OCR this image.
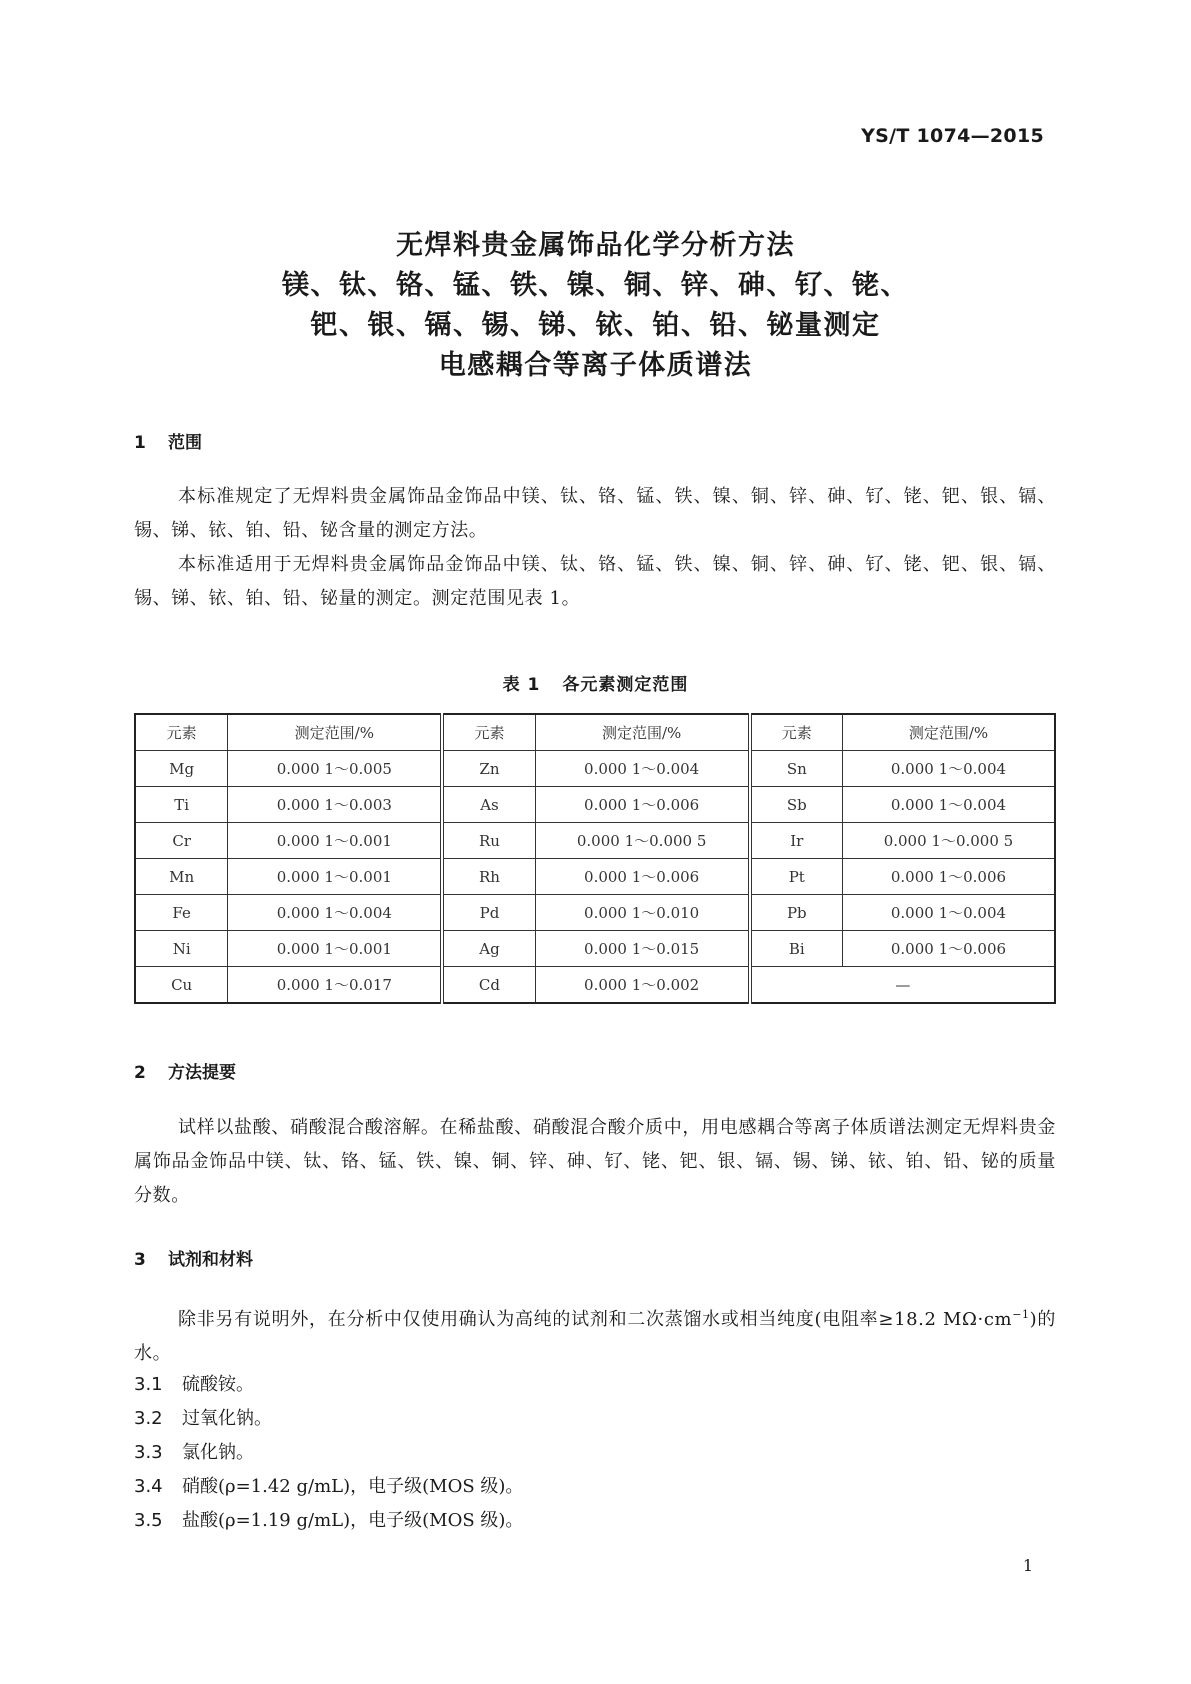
YS/T 1074—2015
无焊料贵金属饰品化学分析方法
镁、钛、铬、锰、铁、镍、铜、锌、砷、钌、铑、
钯、银、镉、锡、锑、铱、铂、铅、铋量测定
电感耦合等离子体质谱法
1 范围

本标准规定了无焊料贵金属饰品金饰品中镁、钛、铬、锰、铁、镍、铜、锌、砷、钌、铑、钯、银、镉、锡、锑、铱、铂、铅、铋含量的测定方法。

本标准适用于无焊料贵金属饰品金饰品中镁、钛、铬、锰、铁、镍、铜、锌、砷、钌、铑、钯、银、镉、锡、锑、铱、铂、铅、铋量的测定。测定范围见表 1。

表 1 各元素测定范围
元素	测定范围/%	元素	测定范围/%	元素	测定范围/%
Mg	0.000 1～0.005	Zn	0.000 1～0.004	Sn	0.000 1～0.004
Ti	0.000 1～0.003	As	0.000 1～0.006	Sb	0.000 1～0.004
Cr	0.000 1～0.001	Ru	0.000 1～0.000 5	Ir	0.000 1～0.000 5
Mn	0.000 1～0.001	Rh	0.000 1～0.006	Pt	0.000 1～0.006
Fe	0.000 1～0.004	Pd	0.000 1～0.010	Pb	0.000 1～0.004
Ni	0.000 1～0.001	Ag	0.000 1～0.015	Bi	0.000 1～0.006
Cu	0.000 1～0.017	Cd	0.000 1～0.002	—	
2 方法提要

试样以盐酸、硝酸混合酸溶解。在稀盐酸、硝酸混合酸介质中，用电感耦合等离子体质谱法测定无焊料贵金属饰品金饰品中镁、钛、铬、锰、铁、镍、铜、锌、砷、钌、铑、钯、银、镉、锡、锑、铱、铂、铅、铋的质量分数。

3 试剂和材料

除非另有说明外，在分析中仅使用确认为高纯的试剂和二次蒸馏水或相当纯度(电阻率≥18.2 $M\Omega\cdot cm^{-1}$)的水。

3.1 硫酸铵。
3.2 过氧化钠。
3.3 氯化钠。
3.4 硝酸(ρ=1.42 g/mL)，电子级(MOS 级)。
3.5 盐酸(ρ=1.19 g/mL)，电子级(MOS 级)。
1
